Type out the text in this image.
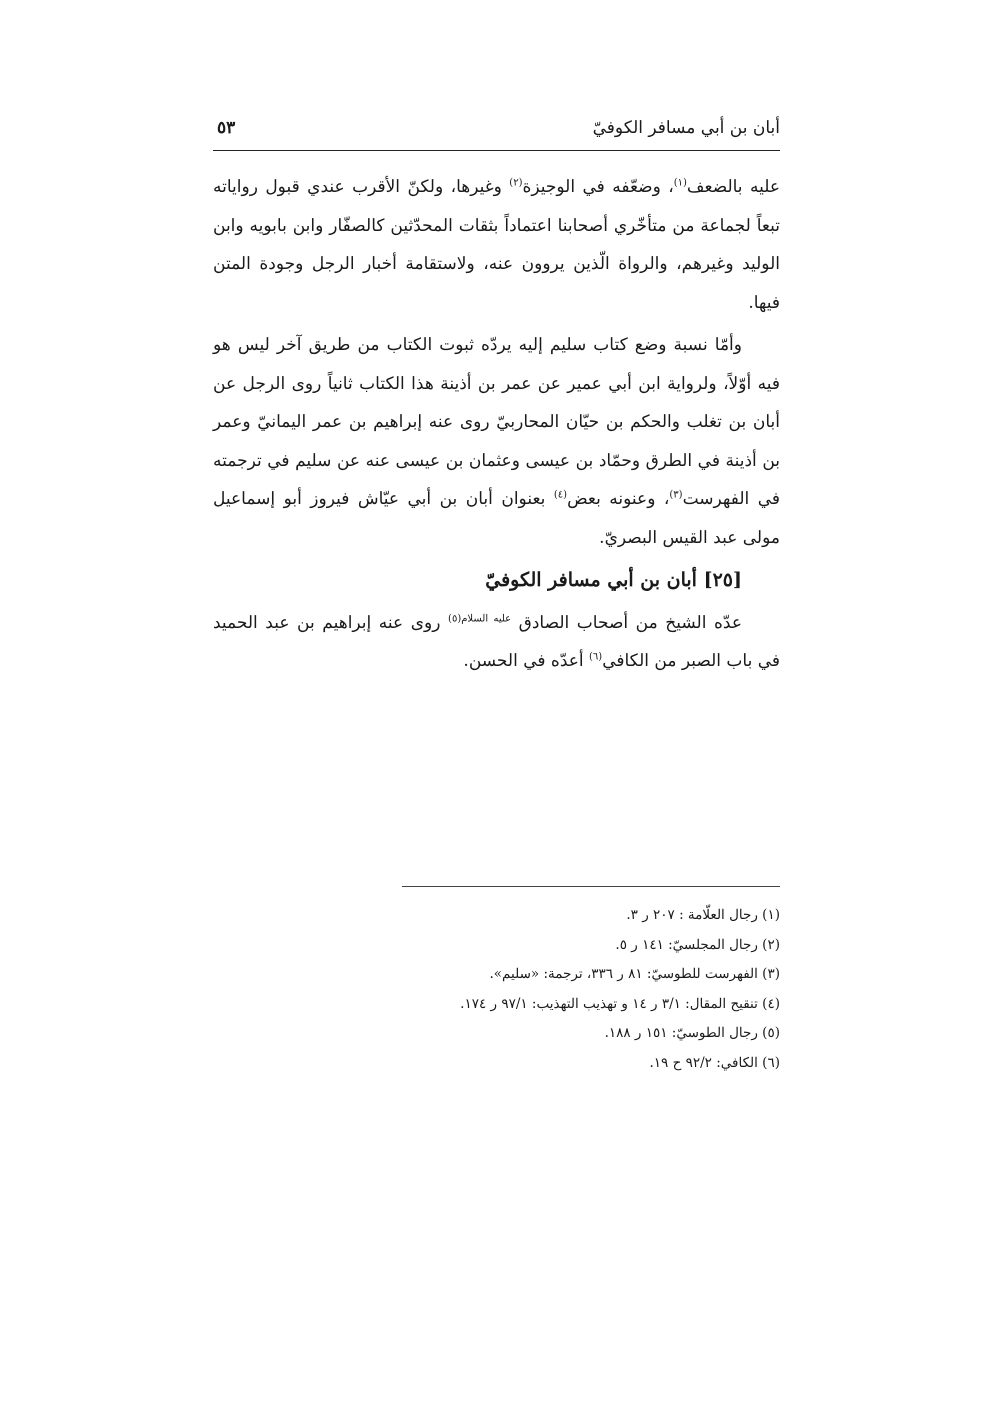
أبان بن أبي مسافر الكوفيّ
٥٣

عليه بالضعف$^{(١)}$، وضعّفه في الوجيزة$^{(٢)}$ وغيرها، ولكنّ الأقرب عندي قبول رواياته تبعاً لجماعة من متأخّري أصحابنا اعتماداً بثقات المحدّثين كالصفّار وابن بابويه وابن الوليد وغيرهم، والرواة الّذين يروون عنه، ولاستقامة أخبار الرجل وجودة المتن فيها.

وأمّا نسبة وضع كتاب سليم إليه يردّه ثبوت الكتاب من طريق آخر ليس هو فيه أوّلاً، ولرواية ابن أبي عمير عن عمر بن أذينة هذا الكتاب ثانياً روى الرجل عن أبان بن تغلب والحكم بن حيّان المحاربيّ روى عنه إبراهيم بن عمر اليمانيّ وعمر بن أذينة في الطرق وحمّاد بن عيسى وعثمان بن عيسى عنه عن سليم في ترجمته في الفهرست$^{(٣)}$، وعنونه بعض$^{(٤)}$ بعنوان أبان بن أبي عيّاش فيروز أبو إسماعيل مولى عبد القيس البصريّ.

[٢٥] أبان بن أبي مسافر الكوفيّ

عدّه الشيخ من أصحاب الصادق $^{عليه السلام(٥)}$ روى عنه إبراهيم بن عبد الحميد في باب الصبر من الكافي$^{(٦)}$ أعدّه في الحسن.

(١) رجال العلّامة : ٢٠٧ ر ٣.
(٢) رجال المجلسيّ: ١٤١ ر ٥.
(٣) الفهرست للطوسيّ: ٨١ ر ٣٣٦، ترجمة: «سليم».
(٤) تنقيح المقال: ٣/١ ر ١٤ و تهذيب التهذيب: ٩٧/١ ر ١٧٤.
(٥) رجال الطوسيّ: ١٥١ ر ١٨٨.
(٦) الكافي: ٩٢/٢ ح ١٩.
